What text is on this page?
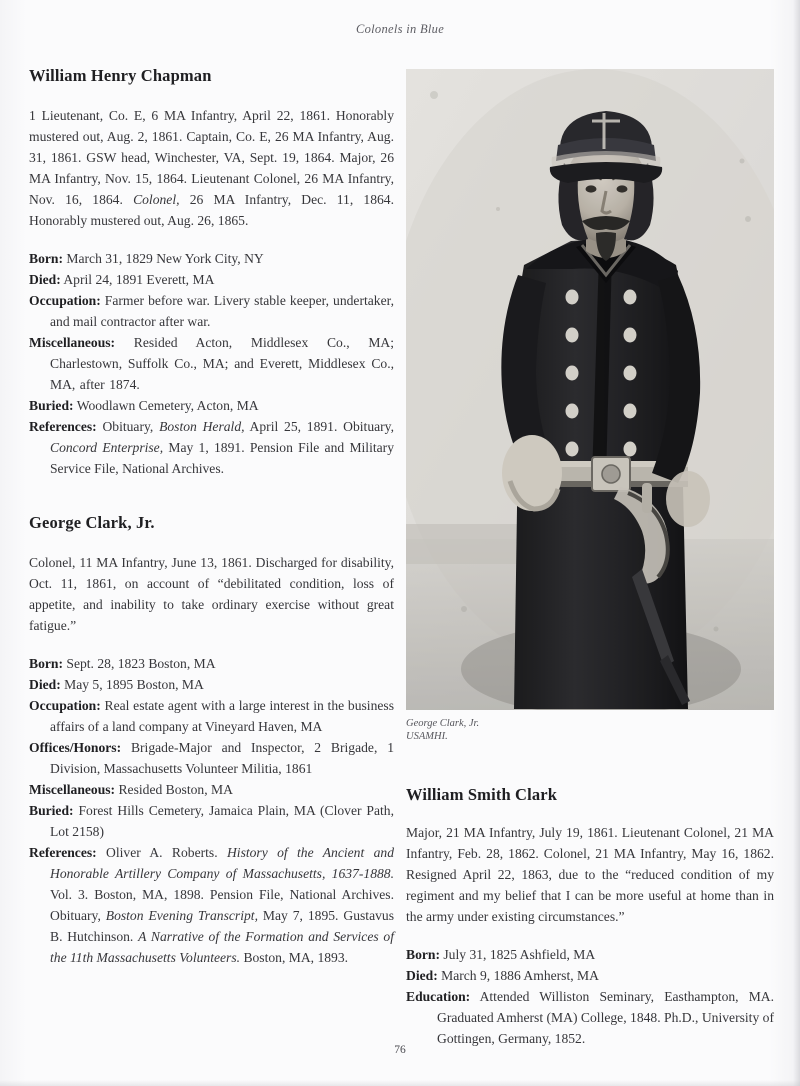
Colonels in Blue
William Henry Chapman

1 Lieutenant, Co. E, 6 MA Infantry, April 22, 1861. Honorably mustered out, Aug. 2, 1861. Captain, Co. E, 26 MA Infantry, Aug. 31, 1861. GSW head, Winchester, VA, Sept. 19, 1864. Major, 26 MA Infantry, Nov. 15, 1864. Lieutenant Colonel, 26 MA Infantry, Nov. 16, 1864. Colonel, 26 MA Infantry, Dec. 11, 1864. Honorably mustered out, Aug. 26, 1865.

Born: March 31, 1829 New York City, NY

Died: April 24, 1891 Everett, MA

Occupation: Farmer before war. Livery stable keeper, undertaker, and mail contractor after war.

Miscellaneous: Resided Acton, Middlesex Co., MA; Charlestown, Suffolk Co., MA; and Everett, Middlesex Co., MA, after 1874.

Buried: Woodlawn Cemetery, Acton, MA

References: Obituary, Boston Herald, April 25, 1891. Obituary, Concord Enterprise, May 1, 1891. Pension File and Military Service File, National Archives.

George Clark, Jr.

Colonel, 11 MA Infantry, June 13, 1861. Discharged for disability, Oct. 11, 1861, on account of “debilitated condition, loss of appetite, and inability to take ordinary exercise without great fatigue.”

Born: Sept. 28, 1823 Boston, MA

Died: May 5, 1895 Boston, MA

Occupation: Real estate agent with a large interest in the business affairs of a land company at Vineyard Haven, MA

Offices/Honors: Brigade-Major and Inspector, 2 Brigade, 1 Division, Massachusetts Volunteer Militia, 1861

Miscellaneous: Resided Boston, MA

Buried: Forest Hills Cemetery, Jamaica Plain, MA (Clover Path, Lot 2158)

References: Oliver A. Roberts. History of the Ancient and Honorable Artillery Company of Massachusetts, 1637-1888. Vol. 3. Boston, MA, 1898. Pension File, National Archives. Obituary, Boston Evening Transcript, May 7, 1895. Gustavus B. Hutchinson. A Narrative of the Formation and Services of the 11th Massachusetts Volunteers. Boston, MA, 1893.

George Clark, Jr.
USAMHI.
William Smith Clark

Major, 21 MA Infantry, July 19, 1861. Lieutenant Colonel, 21 MA Infantry, Feb. 28, 1862. Colonel, 21 MA Infantry, May 16, 1862. Resigned April 22, 1863, due to the “reduced condition of my regiment and my belief that I can be more useful at home than in the army under existing circumstances.”

Born: July 31, 1825 Ashfield, MA

Died: March 9, 1886 Amherst, MA

Education: Attended Williston Seminary, Easthampton, MA. Graduated Amherst (MA) College, 1848. Ph.D., University of Gottingen, Germany, 1852.

76
